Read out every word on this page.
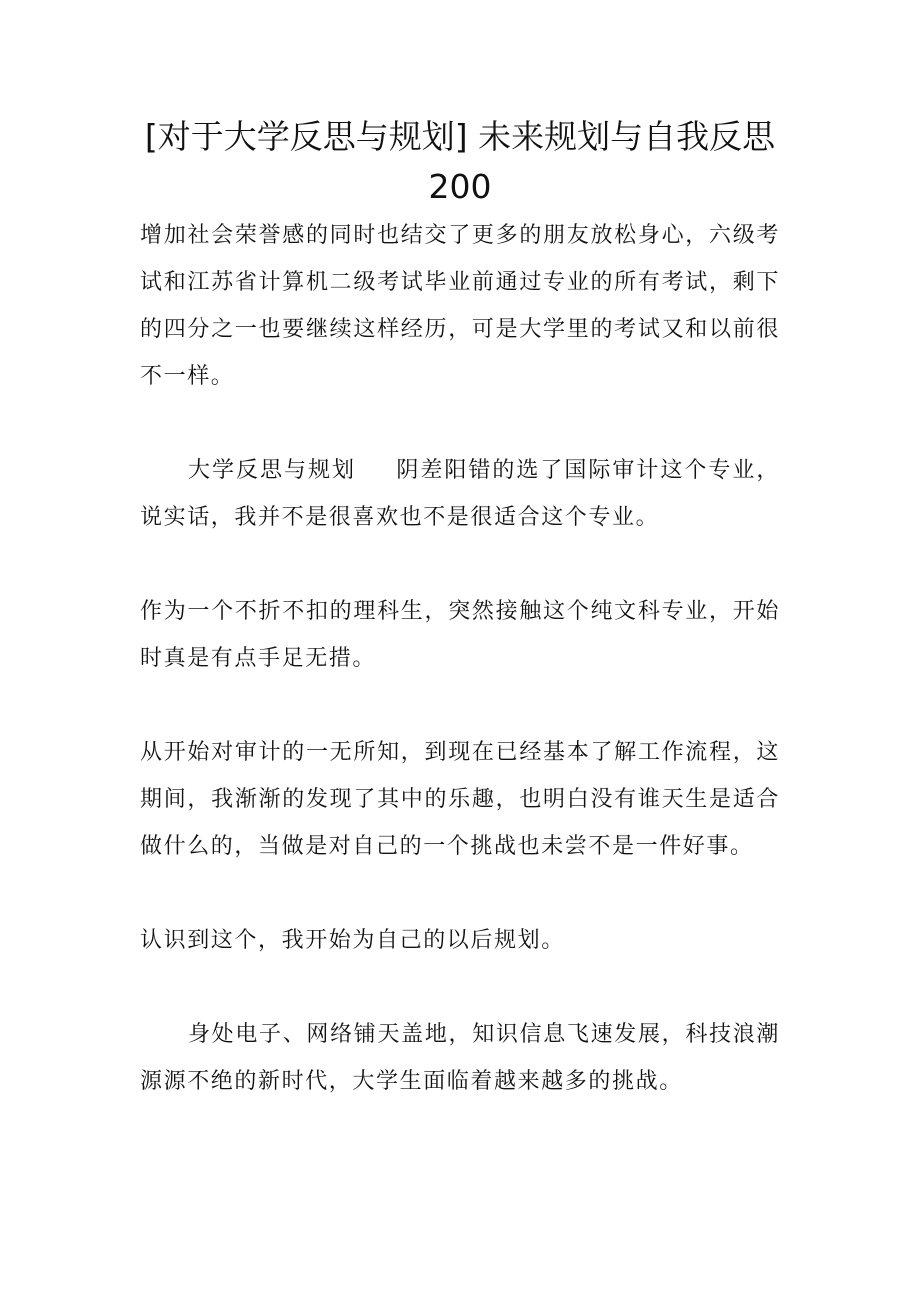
[对于大学反思与规划] 未来规划与自我反思 200

增加社会荣誉感的同时也结交了更多的朋友放松身心，六级考试和江苏省计算机二级考试毕业前通过专业的所有考试，剩下的四分之一也要继续这样经历，可是大学里的考试又和以前很不一样。

大学反思与规划 阴差阳错的选了国际审计这个专业，说实话，我并不是很喜欢也不是很适合这个专业。

作为一个不折不扣的理科生，突然接触这个纯文科专业，开始时真是有点手足无措。

从开始对审计的一无所知，到现在已经基本了解工作流程，这期间，我渐渐的发现了其中的乐趣，也明白没有谁天生是适合做什么的，当做是对自己的一个挑战也未尝不是一件好事。

认识到这个，我开始为自己的以后规划。

身处电子、网络铺天盖地，知识信息飞速发展，科技浪潮源源不绝的新时代，大学生面临着越来越多的挑战。
